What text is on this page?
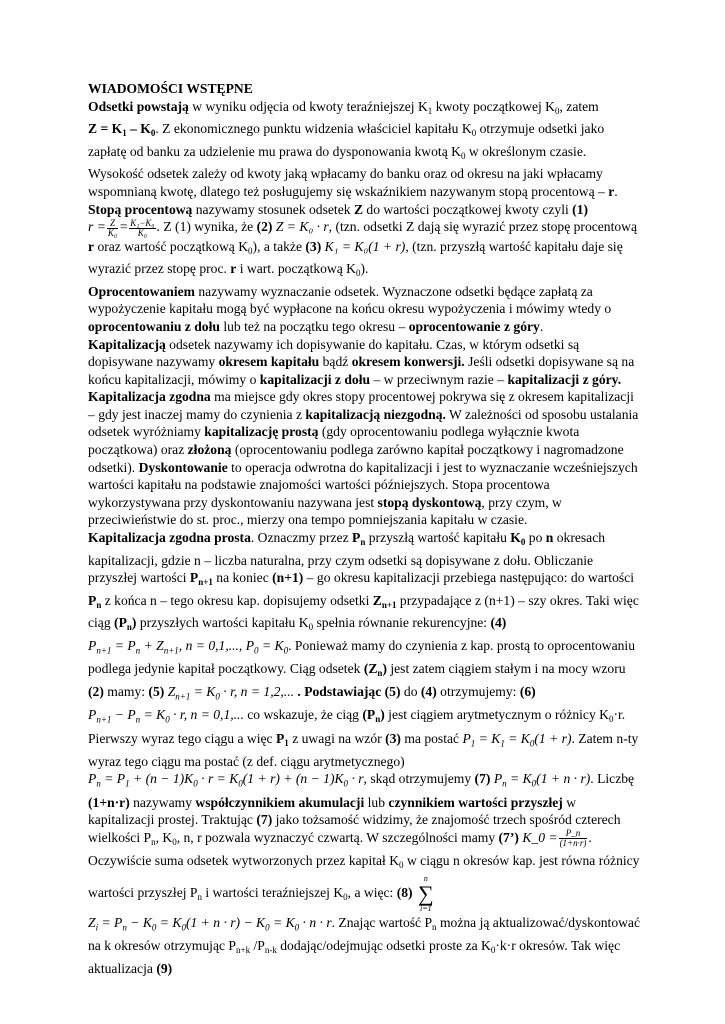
WIADOMOŚCI WSTĘPNE

Odsetki powstają w wyniku odjęcia od kwoty teraźniejszej $K_1$ kwoty początkowej $K_0$, zatem
$Z = K_1 - K_0$. Z ekonomicznego punktu widzenia właściciel kapitału $K_0$ otrzymuje odsetki jako zapłatę od banku za udzielenie mu prawa do dysponowania kwotą $K_0$ w określonym czasie. Wysokość odsetek zależy od kwoty jaką wpłacamy do banku oraz od okresu na jaki wpłacamy wspomnianą kwotę, dlatego też posługujemy się wskaźnikiem nazywanym stopą procentową – r. Stopą procentową nazywamy stosunek odsetek Z do wartości początkowej kwoty czyli (1) $r = \frac{Z}{\text{K₀}} = \frac{\text{K₁−K₀}}{\text{K₀}}$ . Z (1) wynika, że (2) Z = K₀ · r, (tzn. odsetki Z dają się wyrazić przez stopę procentową r oraz wartość początkową $K_0$), a także (3) K₁ = K₀(1 + r), (tzn. przyszłą wartość kapitału daje się wyrazić przez stopę proc. r i wart. początkową $K_0$).

Oprocentowaniem nazywamy wyznaczanie odsetek. Wyznaczone odsetki będące zapłatą za wypożyczenie kapitału mogą być wypłacone na końcu okresu wypożyczenia i mówimy wtedy o oprocentowaniu z dołu lub też na początku tego okresu – oprocentowanie z góry.

Kapitalizacją odsetek nazywamy ich dopisywanie do kapitału. Czas, w którym odsetki są dopisywane nazywamy okresem kapitału bądź okresem konwersji. Jeśli odsetki dopisywane są na końcu kapitalizacji, mówimy o kapitalizacji z dołu – w przeciwnym razie – kapitalizacji z góry. Kapitalizacja zgodna ma miejsce gdy okres stopy procentowej pokrywa się z okresem kapitalizacji – gdy jest inaczej mamy do czynienia z kapitalizacją niezgodną. W zależności od sposobu ustalania odsetek wyróżniamy kapitalizację prostą (gdy oprocentowaniu podlega wyłącznie kwota początkowa) oraz złożoną (oprocentowaniu podlega zarówno kapitał początkowy i nagromadzone odsetki). Dyskontowanie to operacja odwrotna do kapitalizacji i jest to wyznaczanie wcześniejszych wartości kapitału na podstawie znajomości wartości późniejszych. Stopa procentowa wykorzystywana przy dyskontowaniu nazywana jest stopą dyskontową, przy czym, w przeciwieństwie do st. proc., mierzy ona tempo pomniejszania kapitału w czasie.

Kapitalizacja zgodna prosta. Oznaczmy przez $P_n$ przyszłą wartość kapitału $K_0$ po n okresach kapitalizacji, gdzie n – liczba naturalna, przy czym odsetki są dopisywane z dołu. Obliczanie przyszłej wartości $P_{n+1}$ na koniec (n+1) – go okresu kapitalizacji przebiega następująco: do wartości $P_n$ z końca n – tego okresu kap. dopisujemy odsetki $Z_{n+1}$ przypadające z (n+1) – szy okres. Taki więc ciąg $(P_n)$ przyszłych wartości kapitału $K_0$ spełnia równanie rekurencyjne: (4) $P_{n+1} = P_n + Z_{n+1}$, n = 0,1,..., $P_0 = K_0$. Ponieważ mamy do czynienia z kap. prostą to oprocentowaniu podlega jedynie kapitał początkowy. Ciąg odsetek $(Z_n)$ jest zatem ciągiem stałym i na mocy wzoru (2) mamy: (5) $Z_{n+1} = K_0 \cdot r$, n = 1,2,... . Podstawiając (5) do (4) otrzymujemy: (6) $P_{n+1} - P_n = K_0 \cdot r$, n = 0,1,... co wskazuje, że ciąg $(P_n)$ jest ciągiem arytmetycznym o różnicy $K_0\cdot r$. Pierwszy wyraz tego ciągu a więc $P_1$ z uwagi na wzór (3) ma postać $P_1 = K_1 = K_0(1 + r)$. Zatem n-ty wyraz tego ciągu ma postać (z def. ciągu arytmetycznego) $P_n = P_1 + (n - 1)K_0 \cdot r = K_0(1 + r) + (n - 1)K_0 \cdot r$, skąd otrzymujemy (7) $P_n = K_0(1 + n \cdot r)$. Liczbę (1+n·r) nazywamy współczynnikiem akumulacji lub czynnikiem wartości przyszłej w kapitalizacji prostej. Traktując (7) jako tożsamość widzimy, że znajomość trzech spośród czterech wielkości $P_n$, $K_0$, n, r pozwala wyznaczyć czwartą. W szczególności mamy (7’) K_0 = $\frac{P\_n}{(1+n\cdot r)}$ . Oczywiście suma odsetek wytworzonych przez kapitał $K_0$ w ciągu n okresów kap. jest równa różnicy wartości przyszłej $P_n$ i wartości teraźniejszej $K_0$, a więc: (8)
n
∑
i=1
$Z_i = P_n - K_0 = K_0(1 + n \cdot r) - K_0 = K_0 \cdot n \cdot r$. Znając wartość $P_n$ można ją aktualizować/dyskontować na k okresów otrzymując $P_{n+k}$ $/P_{n-k}$ dodając/odejmując odsetki proste za $K_0\cdot k\cdot r$ okresów. Tak więc aktualizacja (9)
